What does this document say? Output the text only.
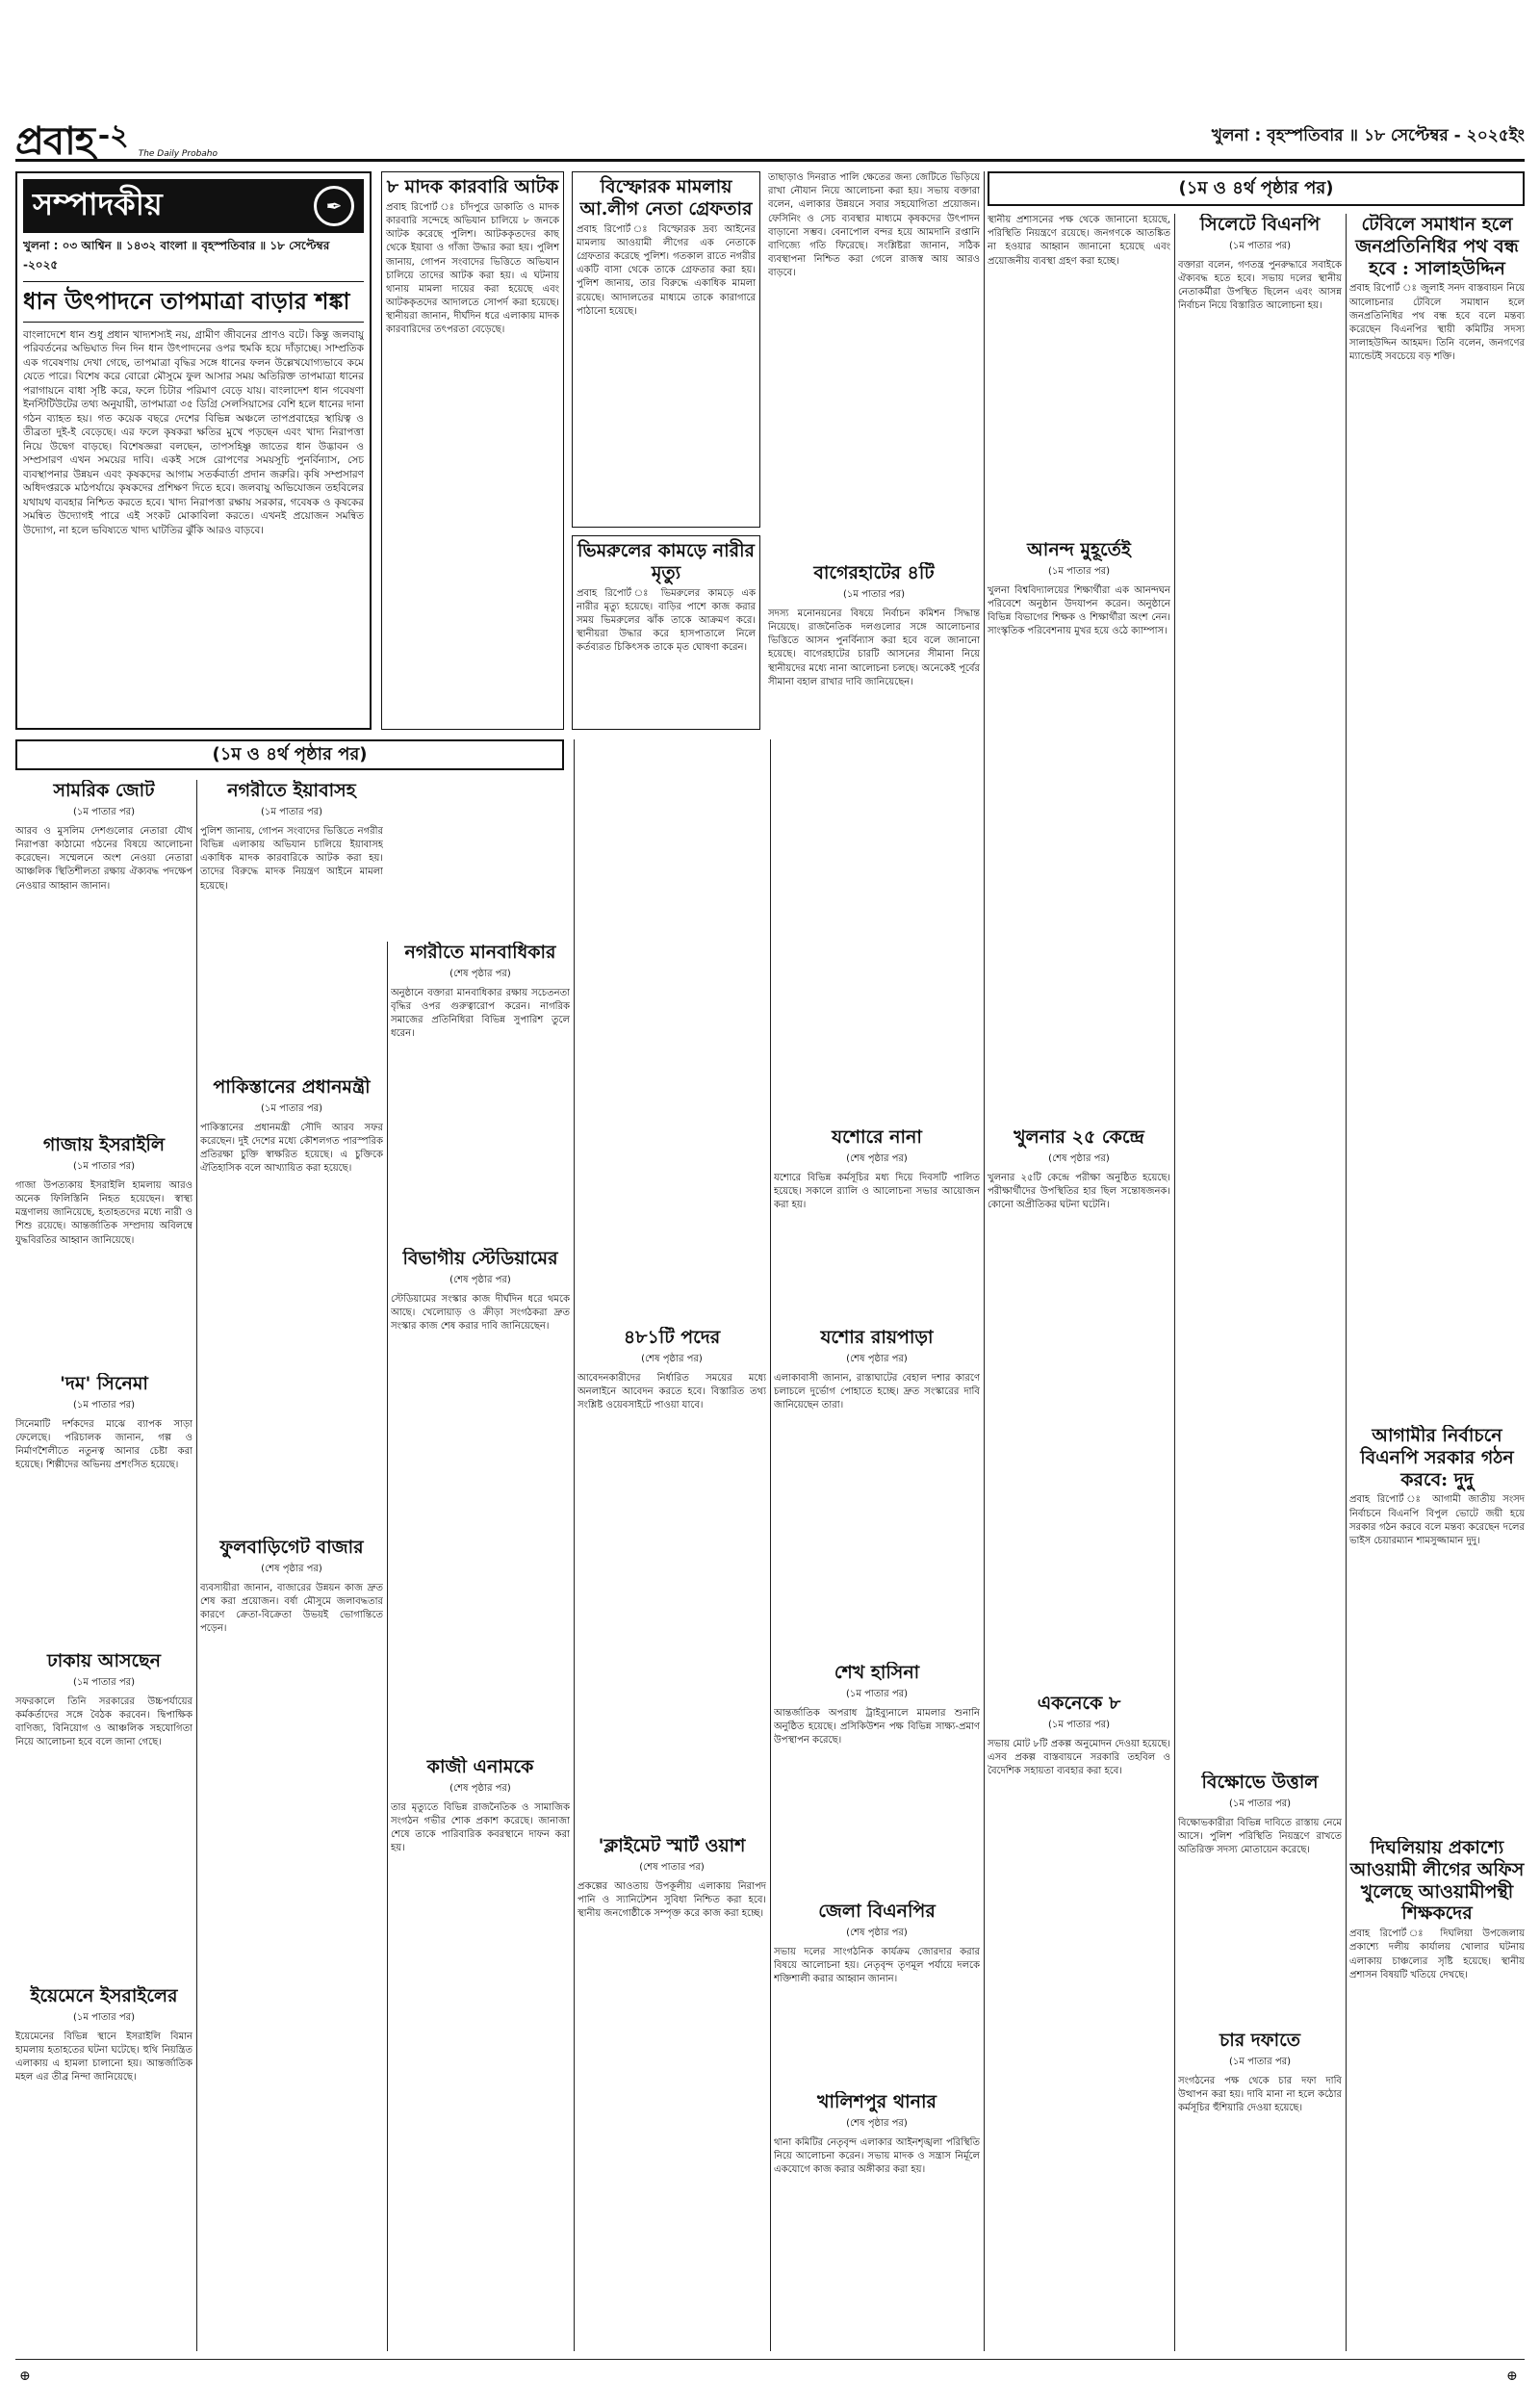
প্রবাহ -২
The Daily Probaho
খুলনা : বৃহস্পতিবার ॥ ১৮ সেপ্টেম্বর - ২০২৫ইং
(১ম ও ৪র্থ পৃষ্ঠার পর)
সম্পাদকীয়	✒
খুলনা : ০৩ আশ্বিন ॥ ১৪৩২ বাংলা ॥ বৃহস্পতিবার ॥ ১৮ সেপ্টেম্বর -২০২৫
ধান উৎপাদনে তাপমাত্রা বাড়ার শঙ্কা
বাংলাদেশে ধান শুধু প্রধান খাদ্যশস্যই নয়, গ্রামীণ জীবনের প্রাণও বটে। কিন্তু জলবায়ু পরিবর্তনের অভিঘাত দিন দিন ধান উৎপাদনের ওপর হুমকি হয়ে দাঁড়াচ্ছে। সাম্প্রতিক এক গবেষণায় দেখা গেছে, তাপমাত্রা বৃদ্ধির সঙ্গে ধানের ফলন উল্লেখযোগ্যভাবে কমে যেতে পারে। বিশেষ করে বোরো মৌসুমে ফুল আসার সময় অতিরিক্ত তাপমাত্রা ধানের পরাগায়নে বাধা সৃষ্টি করে, ফলে চিটার পরিমাণ বেড়ে যায়। বাংলাদেশ ধান গবেষণা ইনস্টিটিউটের তথ্য অনুযায়ী, তাপমাত্রা ৩৫ ডিগ্রি সেলসিয়াসের বেশি হলে ধানের দানা গঠন ব্যাহত হয়। গত কয়েক বছরে দেশের বিভিন্ন অঞ্চলে তাপপ্রবাহের স্থায়িত্ব ও তীব্রতা দুই-ই বেড়েছে। এর ফলে কৃষকরা ক্ষতির মুখে পড়ছেন এবং খাদ্য নিরাপত্তা নিয়ে উদ্বেগ বাড়ছে। বিশেষজ্ঞরা বলছেন, তাপসহিষ্ণু জাতের ধান উদ্ভাবন ও সম্প্রসারণ এখন সময়ের দাবি। একই সঙ্গে রোপণের সময়সূচি পুনর্বিন্যাস, সেচ ব্যবস্থাপনার উন্নয়ন এবং কৃষকদের আগাম সতর্কবার্তা প্রদান জরুরি। কৃষি সম্প্রসারণ অধিদপ্তরকে মাঠপর্যায়ে কৃষকদের প্রশিক্ষণ দিতে হবে। জলবায়ু অভিযোজন তহবিলের যথাযথ ব্যবহার নিশ্চিত করতে হবে। খাদ্য নিরাপত্তা রক্ষায় সরকার, গবেষক ও কৃষকের সমন্বিত উদ্যোগই পারে এই সংকট মোকাবিলা করতে। এখনই প্রয়োজন সমন্বিত উদ্যোগ, না হলে ভবিষ্যতে খাদ্য ঘাটতির ঝুঁকি আরও বাড়বে।
৮ মাদক কারবারি আটক
প্রবাহ রিপোর্ট ঃ চাঁদপুরে ডাকাতি ও মাদক কারবারি সন্দেহে অভিযান চালিয়ে ৮ জনকে আটক করেছে পুলিশ। আটককৃতদের কাছ থেকে ইয়াবা ও গাঁজা উদ্ধার করা হয়। পুলিশ জানায়, গোপন সংবাদের ভিত্তিতে অভিযান চালিয়ে তাদের আটক করা হয়। এ ঘটনায় থানায় মামলা দায়ের করা হয়েছে এবং আটককৃতদের আদালতে সোপর্দ করা হয়েছে। স্থানীয়রা জানান, দীর্ঘদিন ধরে এলাকায় মাদক কারবারিদের তৎপরতা বেড়েছে।
বিস্ফোরক মামলায় আ.লীগ নেতা গ্রেফতার
প্রবাহ রিপোর্ট ঃ বিস্ফোরক দ্রব্য আইনের মামলায় আওয়ামী লীগের এক নেতাকে গ্রেফতার করেছে পুলিশ। গতকাল রাতে নগরীর একটি বাসা থেকে তাকে গ্রেফতার করা হয়। পুলিশ জানায়, তার বিরুদ্ধে একাধিক মামলা রয়েছে। আদালতের মাধ্যমে তাকে কারাগারে পাঠানো হয়েছে।
ভিমরুলের কামড়ে নারীর মৃত্যু
প্রবাহ রিপোর্ট ঃ ভিমরুলের কামড়ে এক নারীর মৃত্যু হয়েছে। বাড়ির পাশে কাজ করার সময় ভিমরুলের ঝাঁক তাকে আক্রমণ করে। স্থানীয়রা উদ্ধার করে হাসপাতালে নিলে কর্তব্যরত চিকিৎসক তাকে মৃত ঘোষণা করেন।
তাছাড়াও দিনরাত পালি ক্ষেতের জন্য জেটিতে ভিড়িয়ে রাখা নৌযান নিয়ে আলোচনা করা হয়। সভায় বক্তারা বলেন, এলাকার উন্নয়নে সবার সহযোগিতা প্রয়োজন। ফেসিনিং ও সেচ ব্যবস্থার মাধ্যমে কৃষকদের উৎপাদন বাড়ানো সম্ভব। বেনাপোল বন্দর হয়ে আমদানি রপ্তানি বাণিজ্যে গতি ফিরেছে। সংশ্লিষ্টরা জানান, সঠিক ব্যবস্থাপনা নিশ্চিত করা গেলে রাজস্ব আয় আরও বাড়বে।
বাগেরহাটের ৪টি
(১ম পাতার পর)
সদস্য মনোনয়নের বিষয়ে নির্বাচন কমিশন সিদ্ধান্ত নিয়েছে। রাজনৈতিক দলগুলোর সঙ্গে আলোচনার ভিত্তিতে আসন পুনর্বিন্যাস করা হবে বলে জানানো হয়েছে। বাগেরহাটের চারটি আসনের সীমানা নিয়ে স্থানীয়দের মধ্যে নানা আলোচনা চলছে। অনেকেই পূর্বের সীমানা বহাল রাখার দাবি জানিয়েছেন।
স্থানীয় প্রশাসনের পক্ষ থেকে জানানো হয়েছে, পরিস্থিতি নিয়ন্ত্রণে রয়েছে। জনগণকে আতঙ্কিত না হওয়ার আহ্বান জানানো হয়েছে এবং প্রয়োজনীয় ব্যবস্থা গ্রহণ করা হচ্ছে।
আনন্দ মুহূর্তেই
(১ম পাতার পর)
খুলনা বিশ্ববিদ্যালয়ের শিক্ষার্থীরা এক আনন্দঘন পরিবেশে অনুষ্ঠান উদযাপন করেন। অনুষ্ঠানে বিভিন্ন বিভাগের শিক্ষক ও শিক্ষার্থীরা অংশ নেন। সাংস্কৃতিক পরিবেশনায় মুখর হয়ে ওঠে ক্যাম্পাস।
সিলেটে বিএনপি
(১ম পাতার পর)
বক্তারা বলেন, গণতন্ত্র পুনরুদ্ধারে সবাইকে ঐক্যবদ্ধ হতে হবে। সভায় দলের স্থানীয় নেতাকর্মীরা উপস্থিত ছিলেন এবং আসন্ন নির্বাচন নিয়ে বিস্তারিত আলোচনা হয়।
টেবিলে সমাধান হলে জনপ্রতিনিধির পথ বন্ধ হবে : সালাহউদ্দিন
প্রবাহ রিপোর্ট ঃ জুলাই সনদ বাস্তবায়ন নিয়ে আলোচনার টেবিলে সমাধান হলে জনপ্রতিনিধির পথ বন্ধ হবে বলে মন্তব্য করেছেন বিএনপির স্থায়ী কমিটির সদস্য সালাহউদ্দিন আহমদ। তিনি বলেন, জনগণের ম্যান্ডেটই সবচেয়ে বড় শক্তি।
(১ম ও ৪র্থ পৃষ্ঠার পর)
সামরিক জোট
(১ম পাতার পর)
আরব ও মুসলিম দেশগুলোর নেতারা যৌথ নিরাপত্তা কাঠামো গঠনের বিষয়ে আলোচনা করেছেন। সম্মেলনে অংশ নেওয়া নেতারা আঞ্চলিক স্থিতিশীলতা রক্ষায় ঐক্যবদ্ধ পদক্ষেপ নেওয়ার আহ্বান জানান।
গাজায় ইসরাইলি
(১ম পাতার পর)
গাজা উপত্যকায় ইসরাইলি হামলায় আরও অনেক ফিলিস্তিনি নিহত হয়েছেন। স্বাস্থ্য মন্ত্রণালয় জানিয়েছে, হতাহতদের মধ্যে নারী ও শিশু রয়েছে। আন্তর্জাতিক সম্প্রদায় অবিলম্বে যুদ্ধবিরতির আহ্বান জানিয়েছে।
'দম' সিনেমা
(১ম পাতার পর)
সিনেমাটি দর্শকদের মাঝে ব্যাপক সাড়া ফেলেছে। পরিচালক জানান, গল্প ও নির্মাণশৈলীতে নতুনত্ব আনার চেষ্টা করা হয়েছে। শিল্পীদের অভিনয় প্রশংসিত হয়েছে।
ঢাকায় আসছেন
(১ম পাতার পর)
সফরকালে তিনি সরকারের উচ্চপর্যায়ের কর্মকর্তাদের সঙ্গে বৈঠক করবেন। দ্বিপাক্ষিক বাণিজ্য, বিনিয়োগ ও আঞ্চলিক সহযোগিতা নিয়ে আলোচনা হবে বলে জানা গেছে।
ইয়েমেনে ইসরাইলের
(১ম পাতার পর)
ইয়েমেনের বিভিন্ন স্থানে ইসরাইলি বিমান হামলায় হতাহতের ঘটনা ঘটেছে। হুথি নিয়ন্ত্রিত এলাকায় এ হামলা চালানো হয়। আন্তর্জাতিক মহল এর তীব্র নিন্দা জানিয়েছে।
নগরীতে ইয়াবাসহ
(১ম পাতার পর)
পুলিশ জানায়, গোপন সংবাদের ভিত্তিতে নগরীর বিভিন্ন এলাকায় অভিযান চালিয়ে ইয়াবাসহ একাধিক মাদক কারবারিকে আটক করা হয়। তাদের বিরুদ্ধে মাদক নিয়ন্ত্রণ আইনে মামলা হয়েছে।
পাকিস্তানের প্রধানমন্ত্রী
(১ম পাতার পর)
পাকিস্তানের প্রধানমন্ত্রী সৌদি আরব সফর করেছেন। দুই দেশের মধ্যে কৌশলগত পারস্পরিক প্রতিরক্ষা চুক্তি স্বাক্ষরিত হয়েছে। এ চুক্তিকে ঐতিহাসিক বলে আখ্যায়িত করা হয়েছে।
ফুলবাড়িগেট বাজার
(শেষ পৃষ্ঠার পর)
ব্যবসায়ীরা জানান, বাজারের উন্নয়ন কাজ দ্রুত শেষ করা প্রয়োজন। বর্ষা মৌসুমে জলাবদ্ধতার কারণে ক্রেতা-বিক্রেতা উভয়ই ভোগান্তিতে পড়েন।
নগরীতে মানবাধিকার
(শেষ পৃষ্ঠার পর)
অনুষ্ঠানে বক্তারা মানবাধিকার রক্ষায় সচেতনতা বৃদ্ধির ওপর গুরুত্বারোপ করেন। নাগরিক সমাজের প্রতিনিধিরা বিভিন্ন সুপারিশ তুলে ধরেন।
বিভাগীয় স্টেডিয়ামের
(শেষ পৃষ্ঠার পর)
স্টেডিয়ামের সংস্কার কাজ দীর্ঘদিন ধরে থমকে আছে। খেলোয়াড় ও ক্রীড়া সংগঠকরা দ্রুত সংস্কার কাজ শেষ করার দাবি জানিয়েছেন।
কাজী এনামকে
(শেষ পৃষ্ঠার পর)
তার মৃত্যুতে বিভিন্ন রাজনৈতিক ও সামাজিক সংগঠন গভীর শোক প্রকাশ করেছে। জানাজা শেষে তাকে পারিবারিক কবরস্থানে দাফন করা হয়।
৪৮১টি পদের
(শেষ পৃষ্ঠার পর)
আবেদনকারীদের নির্ধারিত সময়ের মধ্যে অনলাইনে আবেদন করতে হবে। বিস্তারিত তথ্য সংশ্লিষ্ট ওয়েবসাইটে পাওয়া যাবে।
'ক্লাইমেট স্মার্ট ওয়াশ
(শেষ পাতার পর)
প্রকল্পের আওতায় উপকূলীয় এলাকায় নিরাপদ পানি ও স্যানিটেশন সুবিধা নিশ্চিত করা হবে। স্থানীয় জনগোষ্ঠীকে সম্পৃক্ত করে কাজ করা হচ্ছে।
যশোরে নানা
(শেষ পৃষ্ঠার পর)
যশোরে বিভিন্ন কর্মসূচির মধ্য দিয়ে দিবসটি পালিত হয়েছে। সকালে র‍্যালি ও আলোচনা সভার আয়োজন করা হয়।
যশোর রায়পাড়া
(শেষ পৃষ্ঠার পর)
এলাকাবাসী জানান, রাস্তাঘাটের বেহাল দশার কারণে চলাচলে দুর্ভোগ পোহাতে হচ্ছে। দ্রুত সংস্কারের দাবি জানিয়েছেন তারা।
শেখ হাসিনা
(১ম পাতার পর)
আন্তর্জাতিক অপরাধ ট্রাইব্যুনালে মামলার শুনানি অনুষ্ঠিত হয়েছে। প্রসিকিউশন পক্ষ বিভিন্ন সাক্ষ্য-প্রমাণ উপস্থাপন করেছে।
জেলা বিএনপির
(শেষ পৃষ্ঠার পর)
সভায় দলের সাংগঠনিক কার্যক্রম জোরদার করার বিষয়ে আলোচনা হয়। নেতৃবৃন্দ তৃণমূল পর্যায়ে দলকে শক্তিশালী করার আহ্বান জানান।
খালিশপুর থানার
(শেষ পৃষ্ঠার পর)
থানা কমিটির নেতৃবৃন্দ এলাকার আইনশৃঙ্খলা পরিস্থিতি নিয়ে আলোচনা করেন। সভায় মাদক ও সন্ত্রাস নির্মূলে একযোগে কাজ করার অঙ্গীকার করা হয়।
খুলনার ২৫ কেন্দ্রে
(শেষ পৃষ্ঠার পর)
খুলনার ২৫টি কেন্দ্রে পরীক্ষা অনুষ্ঠিত হয়েছে। পরীক্ষার্থীদের উপস্থিতির হার ছিল সন্তোষজনক। কোনো অপ্রীতিকর ঘটনা ঘটেনি।
একনেকে ৮
(১ম পাতার পর)
সভায় মোট ৮টি প্রকল্প অনুমোদন দেওয়া হয়েছে। এসব প্রকল্প বাস্তবায়নে সরকারি তহবিল ও বৈদেশিক সহায়তা ব্যবহার করা হবে।
বিক্ষোভে উত্তাল
(১ম পাতার পর)
বিক্ষোভকারীরা বিভিন্ন দাবিতে রাস্তায় নেমে আসে। পুলিশ পরিস্থিতি নিয়ন্ত্রণে রাখতে অতিরিক্ত সদস্য মোতায়েন করেছে।
চার দফাতে
(১ম পাতার পর)
সংগঠনের পক্ষ থেকে চার দফা দাবি উত্থাপন করা হয়। দাবি মানা না হলে কঠোর কর্মসূচির হুঁশিয়ারি দেওয়া হয়েছে।
আগামীর নির্বাচনে বিএনপি সরকার গঠন করবে: দুদু
প্রবাহ রিপোর্ট ঃ আগামী জাতীয় সংসদ নির্বাচনে বিএনপি বিপুল ভোটে জয়ী হয়ে সরকার গঠন করবে বলে মন্তব্য করেছেন দলের ভাইস চেয়ারম্যান শামসুজ্জামান দুদু।
দিঘলিয়ায় প্রকাশ্যে আওয়ামী লীগের অফিস খুলেছে আওয়ামীপন্থী শিক্ষকদের
প্রবাহ রিপোর্ট ঃ দিঘলিয়া উপজেলায় প্রকাশ্যে দলীয় কার্যালয় খোলার ঘটনায় এলাকায় চাঞ্চল্যের সৃষ্টি হয়েছে। স্থানীয় প্রশাসন বিষয়টি খতিয়ে দেখছে।
⊕	⊕
